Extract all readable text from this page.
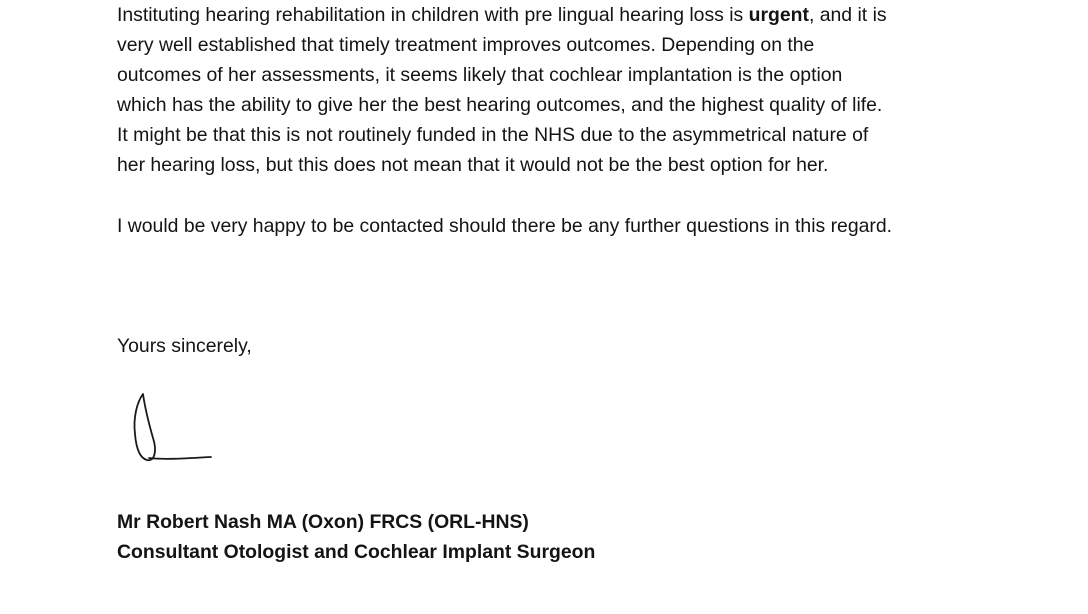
Instituting hearing rehabilitation in children with pre lingual hearing loss is urgent, and it is
very well established that timely treatment improves outcomes. Depending on the
outcomes of her assessments, it seems likely that cochlear implantation is the option
which has the ability to give her the best hearing outcomes, and the highest quality of life.
It might be that this is not routinely funded in the NHS due to the asymmetrical nature of
her hearing loss, but this does not mean that it would not be the best option for her.

I would be very happy to be contacted should there be any further questions in this regard.

Yours sincerely,

Mr Robert Nash MA (Oxon) FRCS (ORL-HNS)
Consultant Otologist and Cochlear Implant Surgeon
